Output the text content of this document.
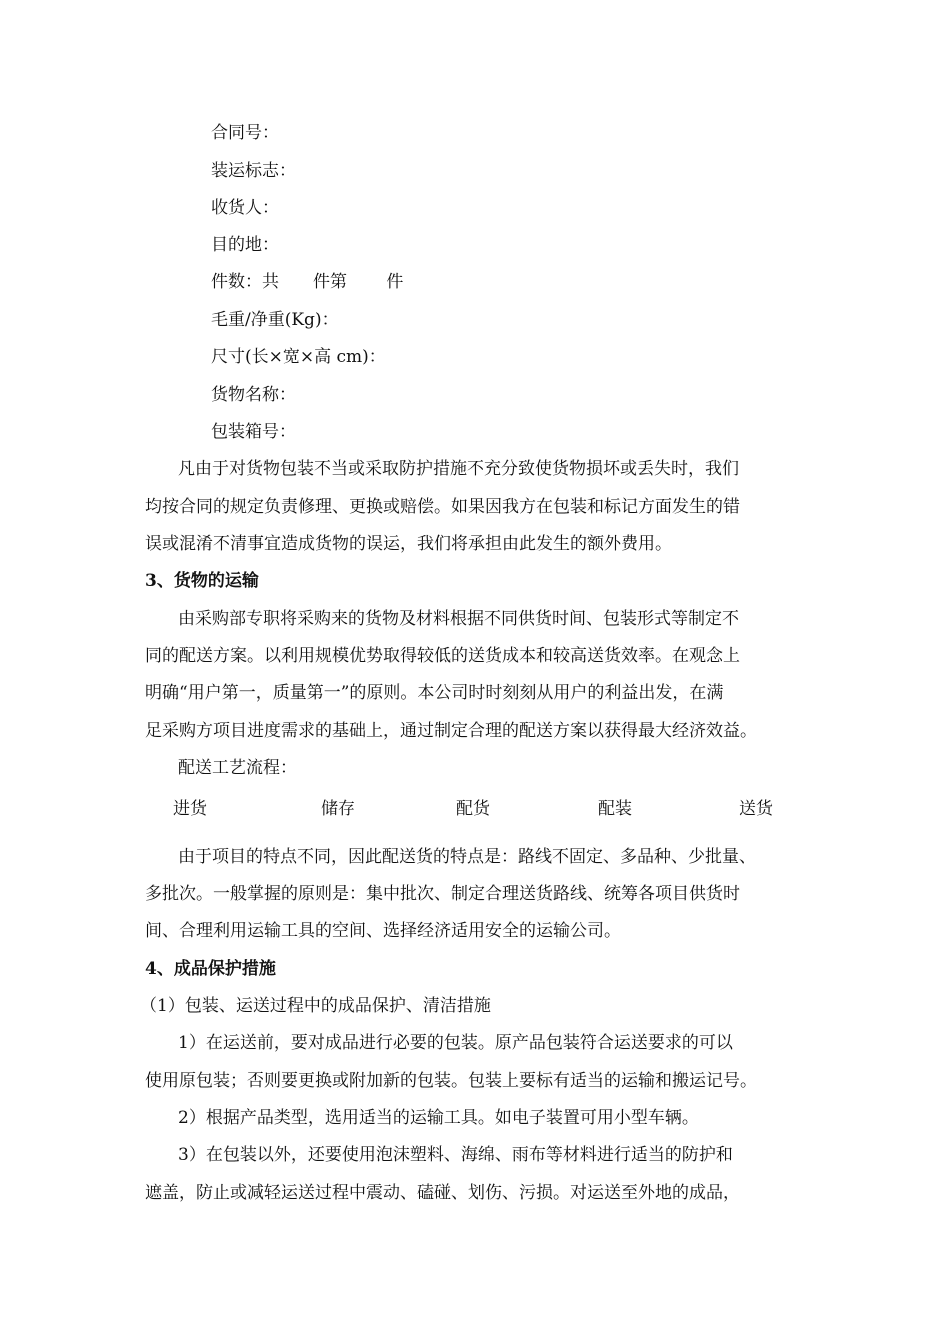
合同号：
装运标志：
收货人：
目的地：
件数：共　　件第　　 件
毛重/净重(Kg)：
尺寸(长×宽×高 cm)：
货物名称：
包装箱号：
凡由于对货物包装不当或采取防护措施不充分致使货物损坏或丢失时，我们
均按合同的规定负责修理、更换或赔偿。如果因我方在包装和标记方面发生的错
误或混淆不清事宜造成货物的误运，我们将承担由此发生的额外费用。
3、货物的运输
由采购部专职将采购来的货物及材料根据不同供货时间、包装形式等制定不
同的配送方案。以利用规模优势取得较低的送货成本和较高送货效率。在观念上
明确“用户第一，质量第一”的原则。本公司时时刻刻从用户的利益出发，在满
足采购方项目进度需求的基础上，通过制定合理的配送方案以获得最大经济效益。
配送工艺流程：
进货	储存	配货	配装	送货
由于项目的特点不同，因此配送货的特点是：路线不固定、多品种、少批量、
多批次。一般掌握的原则是：集中批次、制定合理送货路线、统筹各项目供货时
间、合理利用运输工具的空间、选择经济适用安全的运输公司。
4、成品保护措施
（1）包装、运送过程中的成品保护、清洁措施
1）在运送前，要对成品进行必要的包装。原产品包装符合运送要求的可以
使用原包装；否则要更换或附加新的包装。包装上要标有适当的运输和搬运记号。
2）根据产品类型，选用适当的运输工具。如电子装置可用小型车辆。
3）在包装以外，还要使用泡沫塑料、海绵、雨布等材料进行适当的防护和
遮盖，防止或减轻运送过程中震动、磕碰、划伤、污损。对运送至外地的成品，
